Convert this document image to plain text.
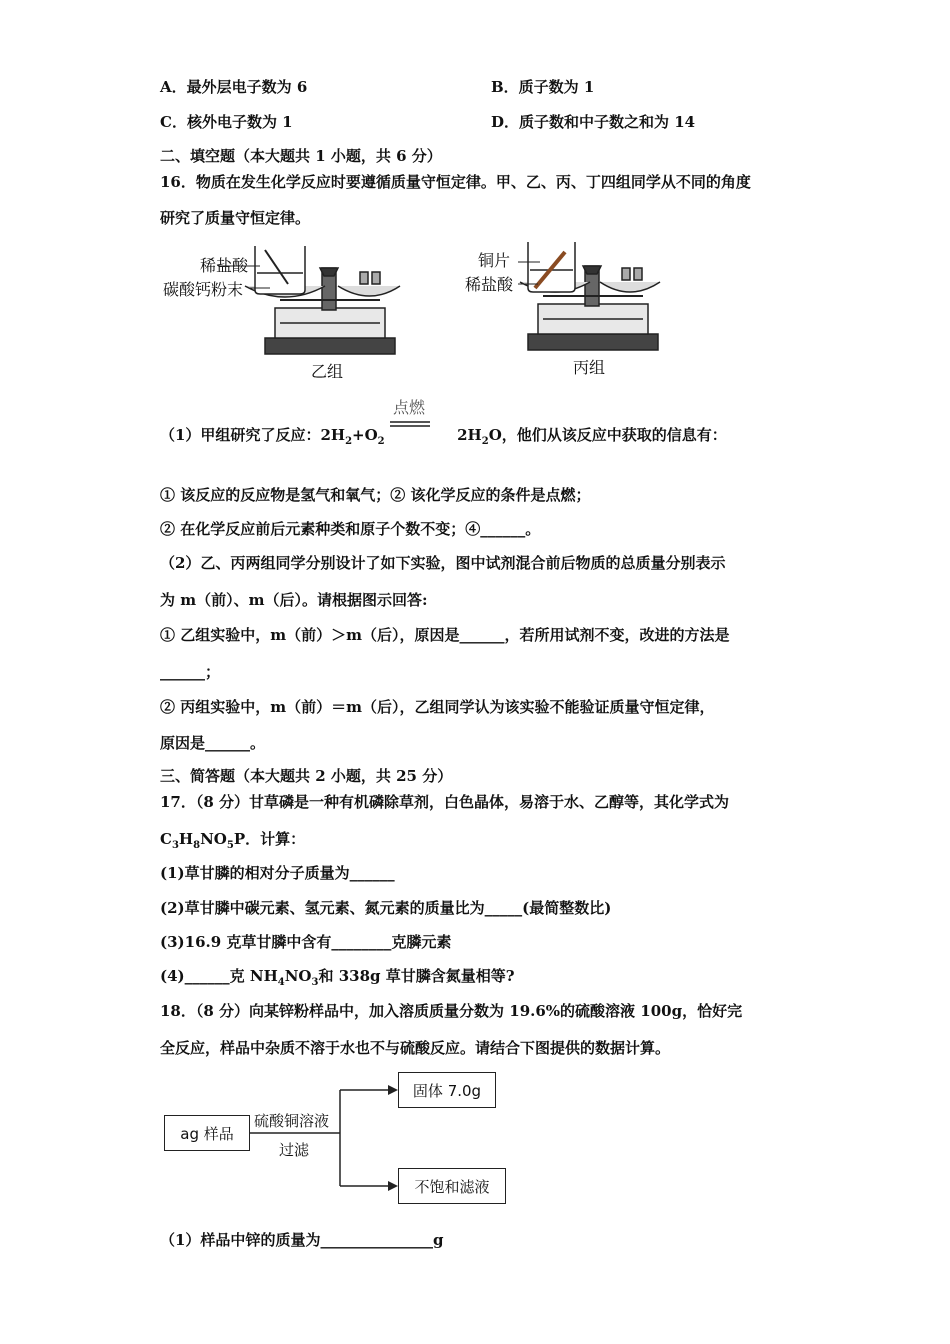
A．最外层电子数为 6	B．质子数为 1
C．核外电子数为 1	D．质子数和中子数之和为 14
二、填空题（本大题共 1 小题，共 6 分）
16．物质在发生化学反应时要遵循质量守恒定律。甲、乙、丙、丁四组同学从不同的角度
研究了质量守恒定律。
稀盐酸
碳酸钙粉末
乙组
铜片
稀盐酸
丙组
（1）甲组研究了反应：$2H_2+O_2$	$2H_2O$，他们从该反应中获取的信息有：
点燃
① 该反应的反应物是氢气和氧气；② 该化学反应的条件是点燃；
② 在化学反应前后元素种类和原子个数不变；④______。
（2）乙、丙两组同学分别设计了如下实验，图中试剂混合前后物质的总质量分别表示
为 m（前）、m（后）。请根据图示回答:
① 乙组实验中，m（前）＞m（后），原因是______，若所用试剂不变，改进的方法是
______；
② 丙组实验中，m（前）＝m（后），乙组同学认为该实验不能验证质量守恒定律，
原因是______。
三、简答题（本大题共 2 小题，共 25 分）
17．（8 分）甘草磷是一种有机磷除草剂，白色晶体，易溶于水、乙醇等，其化学式为
$C_3H_8NO_5P$．计算：
(1)草甘膦的相对分子质量为______
(2)草甘膦中碳元素、氢元素、氮元素的质量比为_____(最简整数比)
(3)16.9 克草甘膦中含有________克膦元素
(4)______克 $NH_4NO_3$和 338g 草甘膦含氮量相等?
18．（8 分）向某锌粉样品中，加入溶质质量分数为 19.6%的硫酸溶液 100g，恰好完
全反应，样品中杂质不溶于水也不与硫酸反应。请结合下图提供的数据计算。
ag 样品
硫酸铜溶液
过滤
固体 7.0g
不饱和滤液
（1）样品中锌的质量为_______________g
